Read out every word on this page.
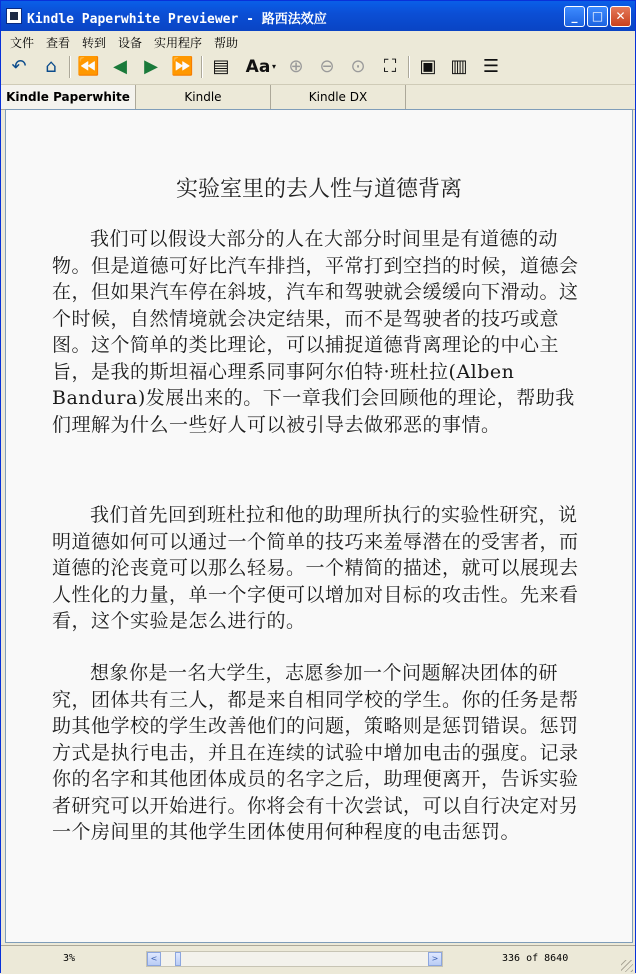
Kindle Paperwhite Previewer - 路西法效应	_	□	✕
文件 查看 转到 设备 实用程序 帮助
↶ ⌂ ⏪ ◀ ▶ ⏩ ▤ Aa ▾ ⊕ ⊖ ⊙ ⛶ ▣ ▥ ☰
Kindle Paperwhite	Kindle	Kindle DX
实验室里的去人性与道德背离
我们可以假设大部分的人在大部分时间里是有道德的动物。但是道德可好比汽车排挡，平常打到空挡的时候，道德会在，但如果汽车停在斜坡，汽车和驾驶就会缓缓向下滑动。这个时候，自然情境就会决定结果，而不是驾驶者的技巧或意图。这个简单的类比理论，可以捕捉道德背离理论的中心主旨，是我的斯坦福心理系同事阿尔伯特·班杜拉(Alben Bandura)发展出来的。下一章我们会回顾他的理论，帮助我们理解为什么一些好人可以被引导去做邪恶的事情。
我们首先回到班杜拉和他的助理所执行的实验性研究，说明道德如何可以通过一个简单的技巧来羞辱潜在的受害者，而道德的沦丧竟可以那么轻易。一个精简的描述，就可以展现去人性化的力量，单一个字便可以增加对目标的攻击性。先来看看，这个实验是怎么进行的。
想象你是一名大学生，志愿参加一个问题解决团体的研究，团体共有三人，都是来自相同学校的学生。你的任务是帮助其他学校的学生改善他们的问题，策略则是惩罚错误。惩罚方式是执行电击，并且在连续的试验中增加电击的强度。记录你的名字和其他团体成员的名字之后，助理便离开，告诉实验者研究可以开始进行。你将会有十次尝试，可以自行决定对另一个房间里的其他学生团体使用何种程度的电击惩罚。
3%	<	>	336 of 8640
